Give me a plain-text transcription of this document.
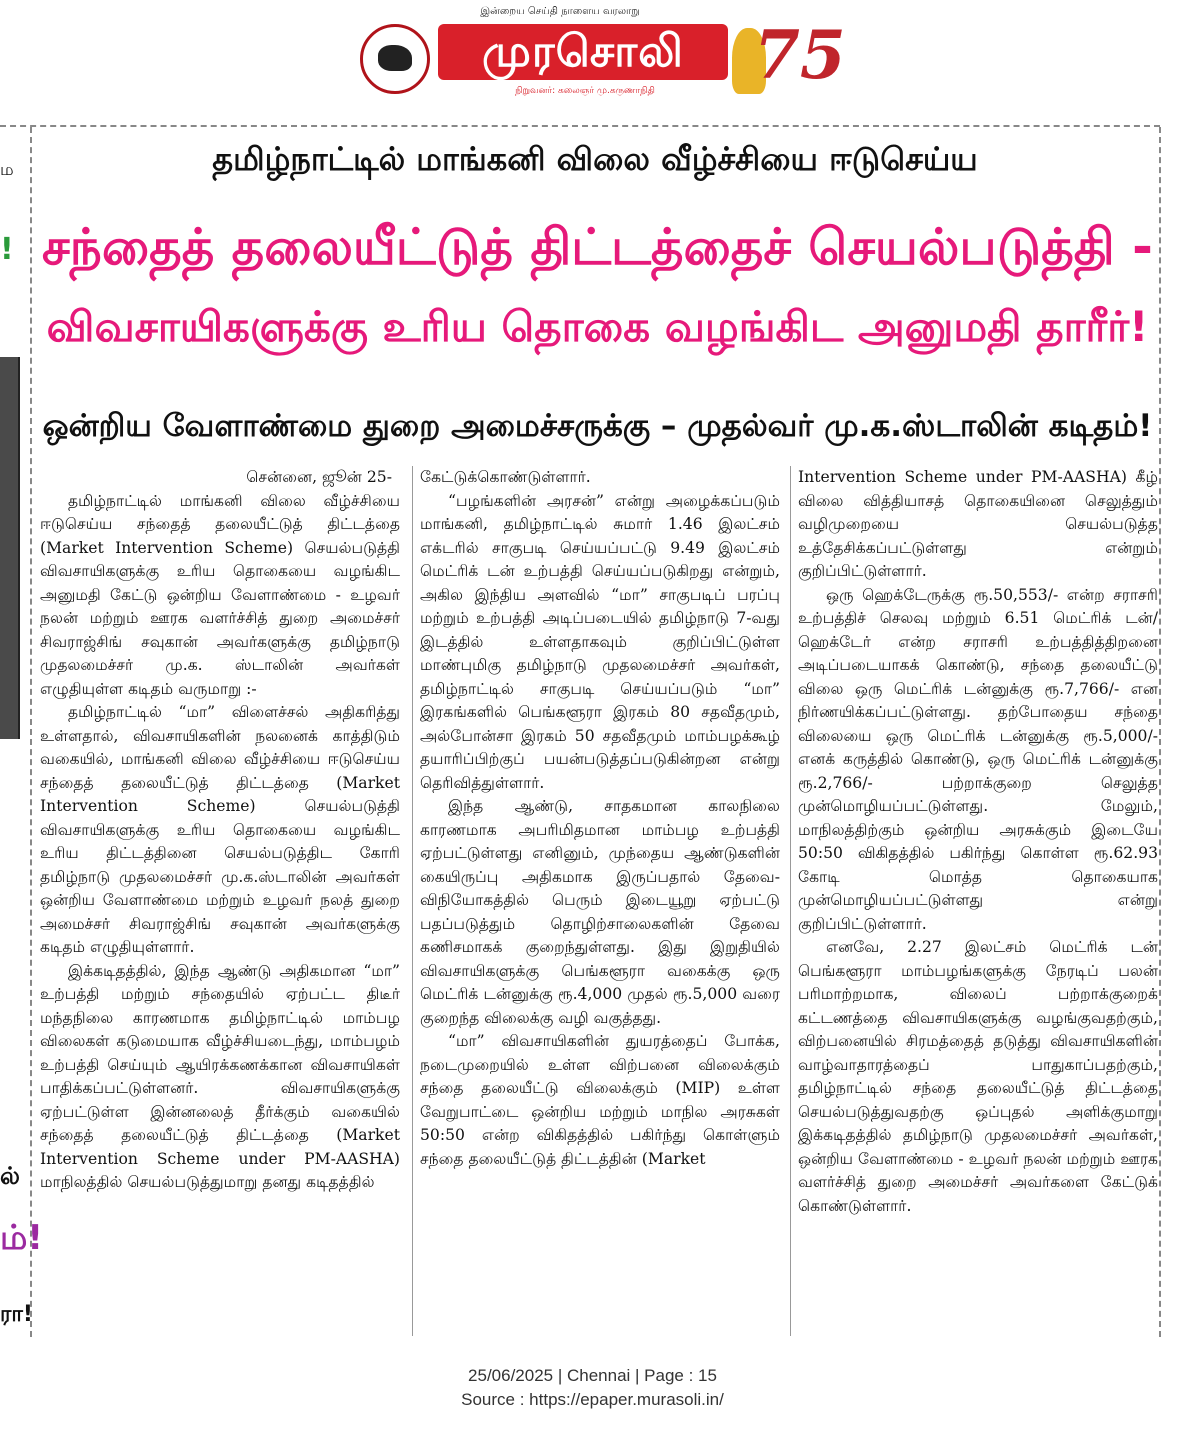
இன்றைய செய்தி நாளைய வரலாறு
முரசொலி
நிறுவனர்: கலைஞர் மு.கருணாநிதி 75
ம
!
ல்
ம்!
ரா!
தமிழ்நாட்டில் மாங்கனி விலை வீழ்ச்சியை ஈடுசெய்ய
சந்தைத் தலையீட்டுத் திட்டத்தைச் செயல்படுத்தி -
விவசாயிகளுக்கு உரிய தொகை வழங்கிட அனுமதி தாரீர்!
ஒன்றிய வேளாண்மை துறை அமைச்சருக்கு – முதல்வர் மு.க.ஸ்டாலின் கடிதம்!

சென்னை, ஜூன் 25-

தமிழ்நாட்டில் மாங்கனி விலை வீழ்ச்சியை ஈடுசெய்ய சந்தைத் தலையீட்டுத் திட்டத்தை (Market Intervention Scheme) செயல்படுத்தி விவசாயிகளுக்கு உரிய தொகையை வழங்கிட அனுமதி கேட்டு ஒன்றிய வேளாண்மை - உழவர் நலன் மற்றும் ஊரக வளர்ச்சித் துறை அமைச்சர் சிவராஜ்சிங் சவுகான் அவர்களுக்கு தமிழ்நாடு முதலமைச்சர் மு.க. ஸ்டாலின் அவர்கள் எழுதியுள்ள கடிதம் வருமாறு :-

தமிழ்நாட்டில் “மா” விளைச்சல் அதிகரித்து உள்ளதால், விவசாயிகளின் நலனைக் காத்திடும் வகையில், மாங்கனி விலை வீழ்ச்சியை ஈடுசெய்ய சந்தைத் தலையீட்டுத் திட்டத்தை (Market Intervention Scheme) செயல்படுத்தி விவசாயிகளுக்கு உரிய தொகையை வழங்கிட உரிய திட்டத்தினை செயல்படுத்திட கோரி தமிழ்நாடு முதலமைச்சர் மு.க.ஸ்டாலின் அவர்கள் ஒன்றிய வேளாண்மை மற்றும் உழவர் நலத் துறை அமைச்சர் சிவராஜ்சிங் சவுகான் அவர்களுக்கு கடிதம் எழுதியுள்ளார்.

இக்கடிதத்தில், இந்த ஆண்டு அதிகமான “மா” உற்பத்தி மற்றும் சந்தையில் ஏற்பட்ட திடீர் மந்தநிலை காரணமாக தமிழ்நாட்டில் மாம்பழ விலைகள் கடுமையாக வீழ்ச்சியடைந்து, மாம்பழம் உற்பத்தி செய்யும் ஆயிரக்கணக்கான விவசாயிகள் பாதிக்கப்பட்டுள்ளனர். விவசாயிகளுக்கு ஏற்பட்டுள்ள இன்னலைத் தீர்க்கும் வகையில் சந்தைத் தலையீட்டுத் திட்டத்தை (Market Intervention Scheme under PM-AASHA) மாநிலத்தில் செயல்படுத்துமாறு தனது கடிதத்தில்

கேட்டுக்கொண்டுள்ளார்.

“பழங்களின் அரசன்” என்று அழைக்கப்படும் மாங்கனி, தமிழ்நாட்டில் சுமார் 1.46 இலட்சம் எக்டரில் சாகுபடி செய்யப்பட்டு 9.49 இலட்சம் மெட்ரிக் டன் உற்பத்தி செய்யப்படுகிறது என்றும், அகில இந்திய அளவில் “மா” சாகுபடிப் பரப்பு மற்றும் உற்பத்தி அடிப்படையில் தமிழ்நாடு 7-வது இடத்தில் உள்ளதாகவும் குறிப்பிட்டுள்ள மாண்புமிகு தமிழ்நாடு முதலமைச்சர் அவர்கள், தமிழ்நாட்டில் சாகுபடி செய்யப்படும் “மா” இரகங்களில் பெங்களூரா இரகம் 80 சதவீதமும், அல்போன்சா இரகம் 50 சதவீதமும் மாம்பழக்கூழ் தயாரிப்பிற்குப் பயன்படுத்தப்படுகின்றன என்று தெரிவித்துள்ளார்.

இந்த ஆண்டு, சாதகமான காலநிலை காரணமாக அபரிமிதமான மாம்பழ உற்பத்தி ஏற்பட்டுள்ளது எனினும், முந்தைய ஆண்டுகளின் கையிருப்பு அதிகமாக இருப்பதால் தேவை-விநியோகத்தில் பெரும் இடையூறு ஏற்பட்டு பதப்படுத்தும் தொழிற்சாலைகளின் தேவை கணிசமாகக் குறைந்துள்ளது. இது இறுதியில் விவசாயிகளுக்கு பெங்களூரா வகைக்கு ஒரு மெட்ரிக் டன்னுக்கு ரூ.4,000 முதல் ரூ.5,000 வரை குறைந்த விலைக்கு வழி வகுத்தது.

“மா” விவசாயிகளின் துயரத்தைப் போக்க, நடைமுறையில் உள்ள விற்பனை விலைக்கும் சந்தை தலையீட்டு விலைக்கும் (MIP) உள்ள வேறுபாட்டை ஒன்றிய மற்றும் மாநில அரசுகள் 50:50 என்ற விகிதத்தில் பகிர்ந்து கொள்ளும் சந்தை தலையீட்டுத் திட்டத்தின் (Market

Intervention Scheme under PM-AASHA) கீழ் விலை வித்தியாசத் தொகையினை செலுத்தும் வழிமுறையை செயல்படுத்த உத்தேசிக்கப்பட்டுள்ளது என்றும் குறிப்பிட்டுள்ளார்.

ஒரு ஹெக்டேருக்கு ரூ.50,553/- என்ற சராசரி உற்பத்திச் செலவு மற்றும் 6.51 மெட்ரிக் டன்/ஹெக்டேர் என்ற சராசரி உற்பத்தித்திறனை அடிப்படையாகக் கொண்டு, சந்தை தலையீட்டு விலை ஒரு மெட்ரிக் டன்னுக்கு ரூ.7,766/- என நிர்ணயிக்கப்பட்டுள்ளது. தற்போதைய சந்தை விலையை ஒரு மெட்ரிக் டன்னுக்கு ரூ.5,000/- எனக் கருத்தில் கொண்டு, ஒரு மெட்ரிக் டன்னுக்கு ரூ.2,766/- பற்றாக்குறை செலுத்த முன்மொழியப்பட்டுள்ளது. மேலும், மாநிலத்திற்கும் ஒன்றிய அரசுக்கும் இடையே 50:50 விகிதத்தில் பகிர்ந்து கொள்ள ரூ.62.93 கோடி மொத்த தொகையாக முன்மொழியப்பட்டுள்ளது என்று குறிப்பிட்டுள்ளார்.

எனவே, 2.27 இலட்சம் மெட்ரிக் டன் பெங்களூரா மாம்பழங்களுக்கு நேரடிப் பலன் பரிமாற்றமாக, விலைப் பற்றாக்குறைக் கட்டணத்தை விவசாயிகளுக்கு வழங்குவதற்கும், விற்பனையில் சிரமத்தைத் தடுத்து விவசாயிகளின் வாழ்வாதாரத்தைப் பாதுகாப்பதற்கும், தமிழ்நாட்டில் சந்தை தலையீட்டுத் திட்டத்தை செயல்படுத்துவதற்கு ஒப்புதல் அளிக்குமாறு இக்கடிதத்தில் தமிழ்நாடு முதலமைச்சர் அவர்கள், ஒன்றிய வேளாண்மை - உழவர் நலன் மற்றும் ஊரக வளர்ச்சித் துறை அமைச்சர் அவர்களை கேட்டுக் கொண்டுள்ளார்.

25/06/2025 | Chennai | Page : 15
Source : https://epaper.murasoli.in/
